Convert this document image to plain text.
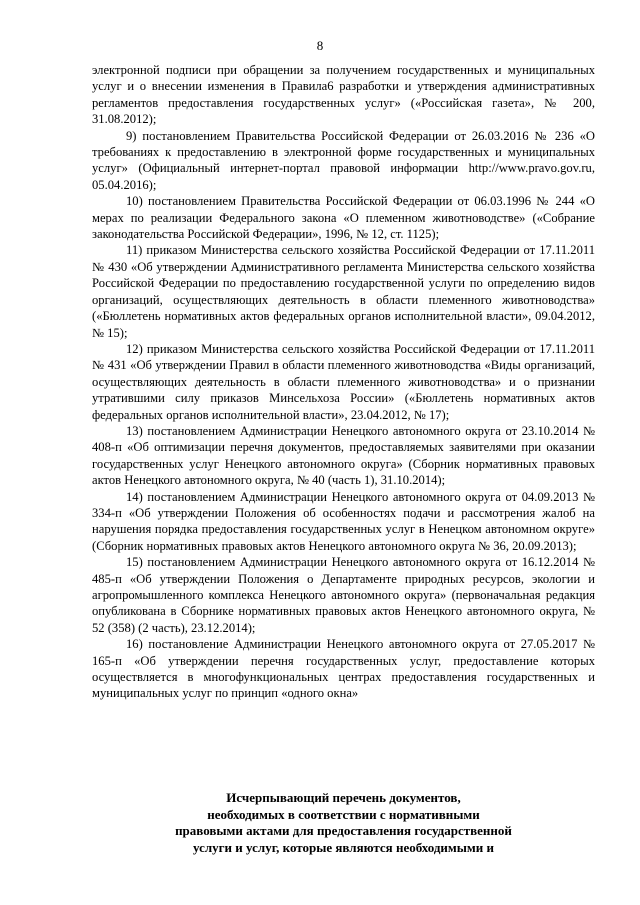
8

электронной подписи при обращении за получением государственных и муниципальных услуг и о внесении изменения в Правила6 разработки и утверждения административных регламентов предоставления государственных услуг» («Российская газета», № 200, 31.08.2012);

9) постановлением Правительства Российской Федерации от 26.03.2016 № 236 «О требованиях к предоставлению в электронной форме государственных и муниципальных услуг» (Официальный интернет-портал правовой информации http://www.pravo.gov.ru, 05.04.2016);

10) постановлением Правительства Российской Федерации от 06.03.1996 № 244 «О мерах по реализации Федерального закона «О племенном животноводстве» («Собрание законодательства Российской Федерации», 1996, № 12, ст. 1125);

11) приказом Министерства сельского хозяйства Российской Федерации от 17.11.2011 № 430 «Об утверждении Административного регламента Министерства сельского хозяйства Российской Федерации по предоставлению государственной услуги по определению видов организаций, осуществляющих деятельность в области племенного животноводства» («Бюллетень нормативных актов федеральных органов исполнительной власти», 09.04.2012, № 15);

12) приказом Министерства сельского хозяйства Российской Федерации от 17.11.2011 № 431 «Об утверждении Правил в области племенного животноводства «Виды организаций, осуществляющих деятельность в области племенного животноводства» и о признании утратившими силу приказов Минсельхоза России» («Бюллетень нормативных актов федеральных органов исполнительной власти», 23.04.2012, № 17);

13) постановлением Администрации Ненецкого автономного округа от 23.10.2014 № 408-п «Об оптимизации перечня документов, предоставляемых заявителями при оказании государственных услуг Ненецкого автономного округа» (Сборник нормативных правовых актов Ненецкого автономного округа, № 40 (часть 1), 31.10.2014);

14) постановлением Администрации Ненецкого автономного округа от 04.09.2013 № 334-п «Об утверждении Положения об особенностях подачи и рассмотрения жалоб на нарушения порядка предоставления государственных услуг в Ненецком автономном округе» (Сборник нормативных правовых актов Ненецкого автономного округа № 36, 20.09.2013);

15) постановлением Администрации Ненецкого автономного округа от 16.12.2014 № 485-п «Об утверждении Положения о Департаменте природных ресурсов, экологии и агропромышленного комплекса Ненецкого автономного округа» (первоначальная редакция опубликована в Сборнике нормативных правовых актов Ненецкого автономного округа, № 52 (358) (2 часть), 23.12.2014);

16) постановление Администрации Ненецкого автономного округа от 27.05.2017 № 165-п «Об утверждении перечня государственных услуг, предоставление которых осуществляется в многофункциональных центрах предоставления государственных и муниципальных услуг по принцип «одного окна»

Исчерпывающий перечень документов,
необходимых в соответствии с нормативными
правовыми актами для предоставления государственной
услуги и услуг, которые являются необходимыми и
